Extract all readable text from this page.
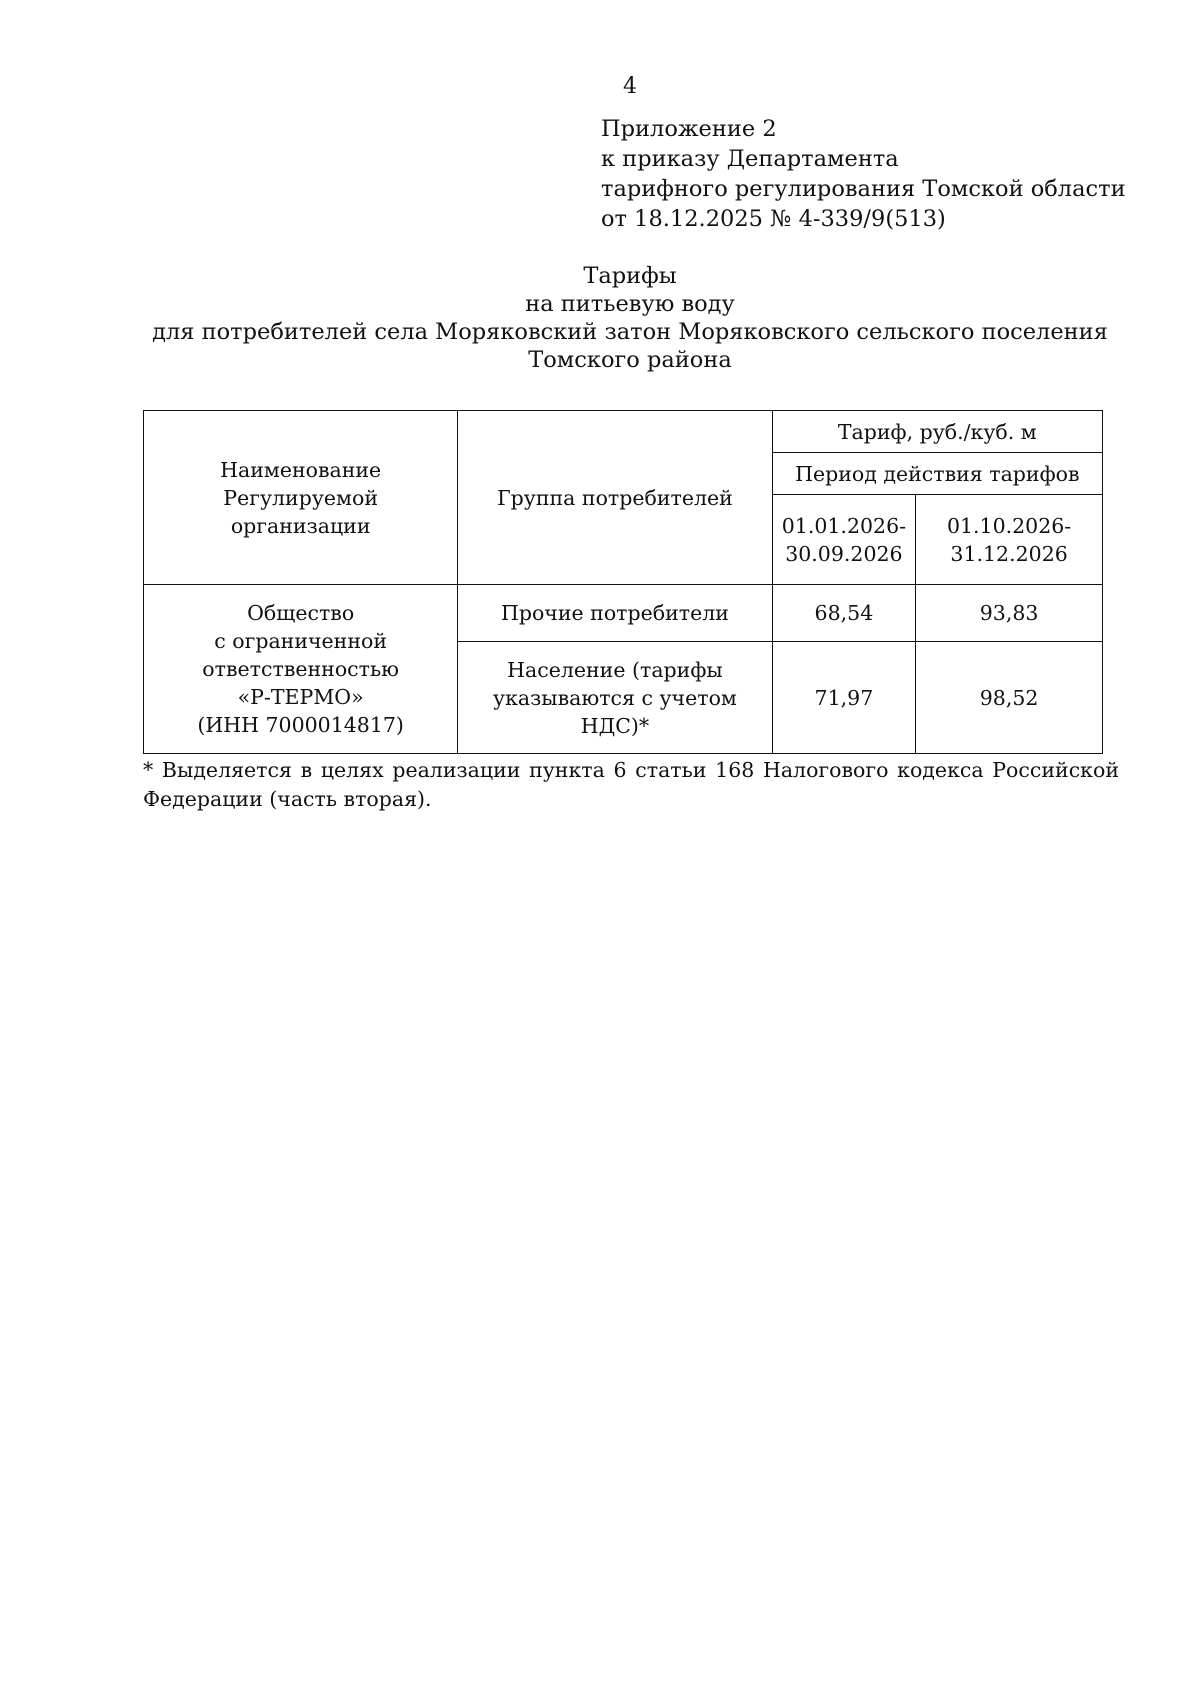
4
Приложение 2
к приказу Департамента
тарифного регулирования Томской области
от 18.12.2025 № 4-339/9(513)
Тарифы
на питьевую воду
для потребителей села Моряковский затон Моряковского сельского поселения
Томского района
Наименование Регулируемой организации	Группа потребителей	Тариф, руб./куб. м	
		Период действия тарифов	
		01.01.2026-30.09.2026	01.10.2026-31.12.2026

Общество
с ограниченной
ответственностью
«Р-ТЕРМО»
(ИНН 7000014817)	Прочие потребители	68,54	93,83
	Население (тарифы указываются с учетом НДС)*	71,97	98,52
* Выделяется в целях реализации пункта 6 статьи 168 Налогового кодекса Российской Федерации (часть вторая).
